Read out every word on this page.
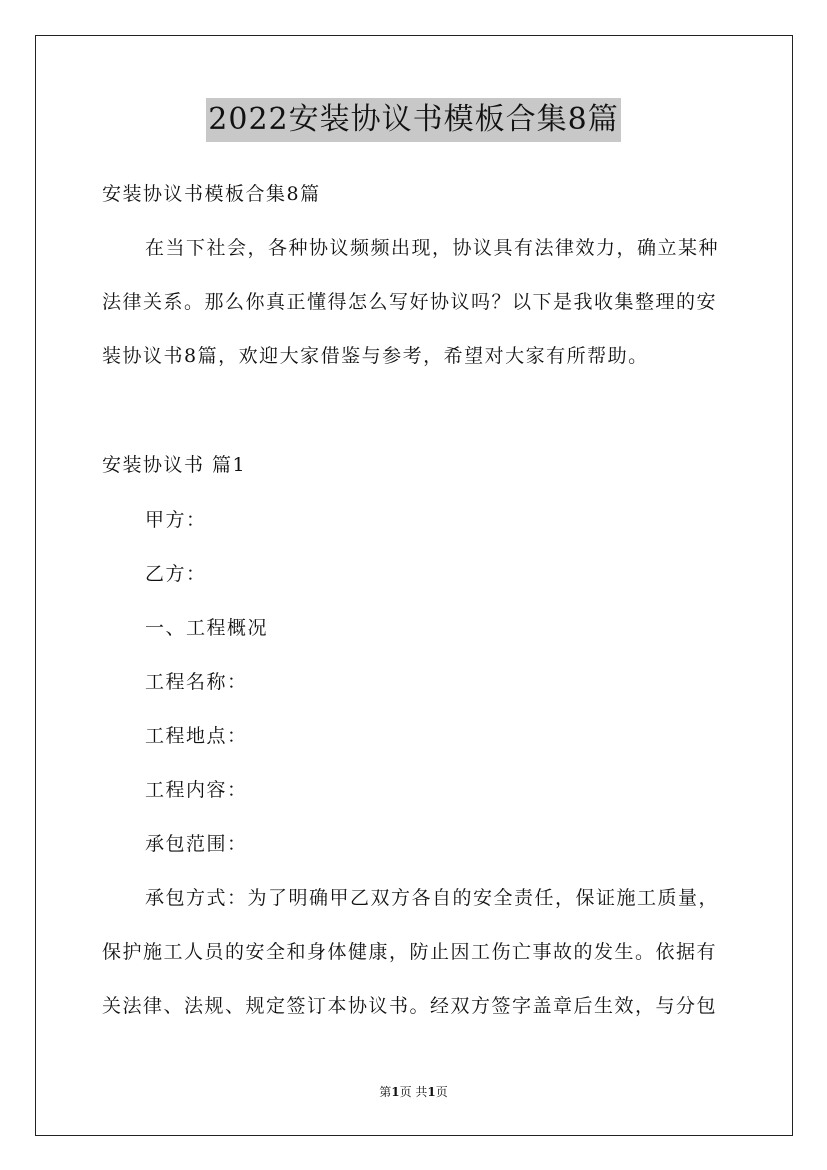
2022安装协议书模板合集8篇
安装协议书模板合集8篇
在当下社会，各种协议频频出现，协议具有法律效力，确立某种
法律关系。那么你真正懂得怎么写好协议吗？以下是我收集整理的安
装协议书8篇，欢迎大家借鉴与参考，希望对大家有所帮助。
安装协议书 篇1
甲方：
乙方：
一、工程概况
工程名称：
工程地点：
工程内容：
承包范围：
承包方式：为了明确甲乙双方各自的安全责任，保证施工质量，
保护施工人员的安全和身体健康，防止因工伤亡事故的发生。依据有
关法律、法规、规定签订本协议书。经双方签字盖章后生效，与分包
第1页 共1页
